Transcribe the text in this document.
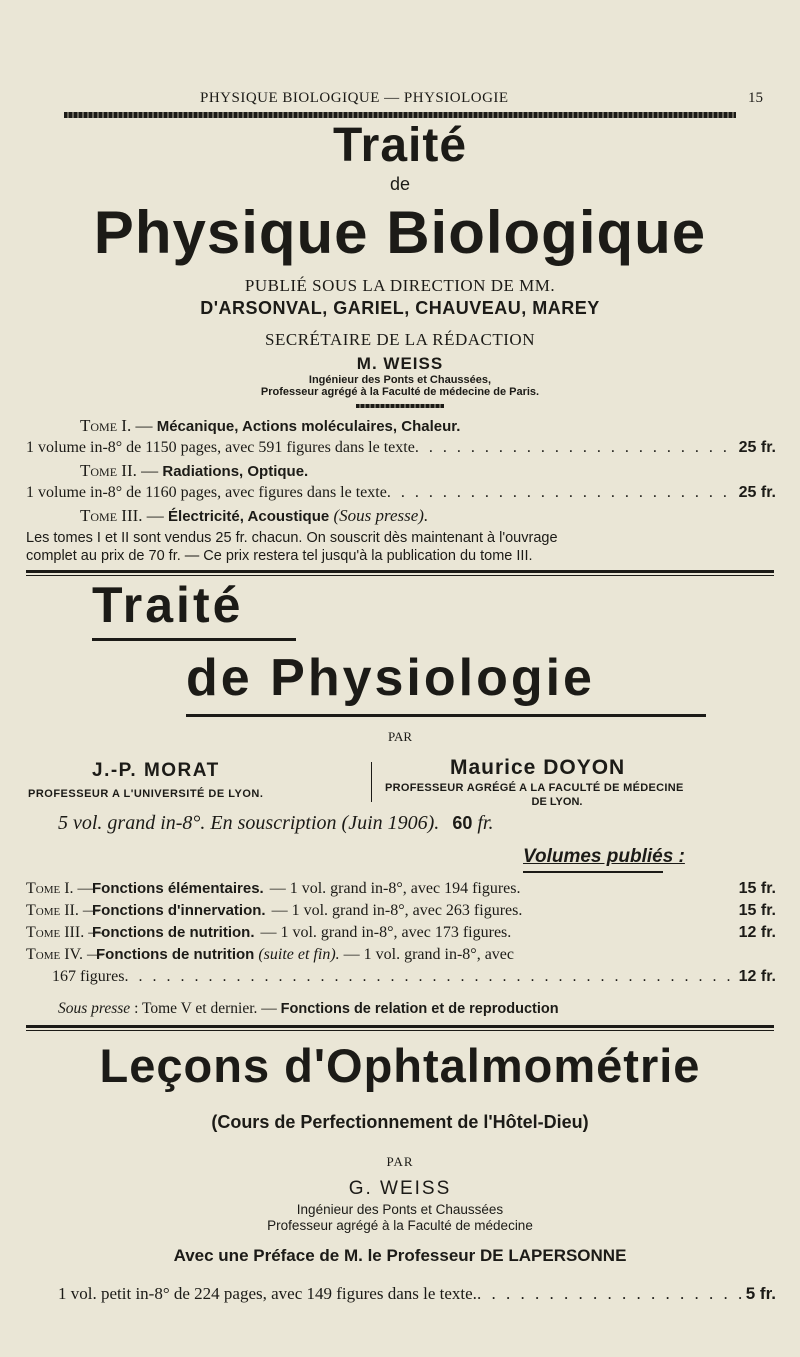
PHYSIQUE BIOLOGIQUE — PHYSIOLOGIE	15
Traité
de
Physique Biologique
PUBLIÉ SOUS LA DIRECTION DE MM.
D'ARSONVAL, GARIEL, CHAUVEAU, MAREY
SECRÉTAIRE DE LA RÉDACTION
M. WEISS
Ingénieur des Ponts et Chaussées,
Professeur agrégé à la Faculté de médecine de Paris.
Tome I. — Mécanique, Actions moléculaires, Chaleur.
1 volume in-8° de 1150 pages, avec 591 figures dans le texte . . .	25 fr.
Tome II. — Radiations, Optique.
1 volume in-8° de 1160 pages, avec figures dans le texte . . .	25 fr.
Tome III. — Électricité, Acoustique (Sous presse).
Les tomes I et II sont vendus 25 fr. chacun. On souscrit dès maintenant à l'ouvrage
complet au prix de 70 fr. — Ce prix restera tel jusqu'à la publication du tome III.
Traité
de Physiologie
PAR
J.-P. MORAT
PROFESSEUR A L'UNIVERSITÉ DE LYON.
Maurice DOYON
PROFESSEUR AGRÉGÉ A LA FACULTÉ DE MÉDECINE
DE LYON.
5 vol. grand in-8°. En souscription (Juin 1906). 60 fr.
Volumes publiés :
Tome I. —
Fonctions élémentaires. — 1 vol. grand in-8°, avec 194 figures.	15 fr.
Tome II. —
Fonctions d'innervation. — 1 vol. grand in-8°, avec 263 figures.	15 fr.
Tome III. —
Fonctions de nutrition. — 1 vol. grand in-8°, avec 173 figures.	12 fr.
Tome IV. — Fonctions de nutrition (suite et fin). — 1 vol. grand in-8°, avec
167 figures . . .	12 fr.
Sous presse : Tome V et dernier. — Fonctions de relation et de reproduction
Leçons d'Ophtalmométrie
(Cours de Perfectionnement de l'Hôtel-Dieu)
PAR
G. WEISS
Ingénieur des Ponts et Chaussées
Professeur agrégé à la Faculté de médecine
Avec une Préface de M. le Professeur DE LAPERSONNE
1 vol. petit in-8° de 224 pages, avec 149 figures dans le texte. . . .	5 fr.
